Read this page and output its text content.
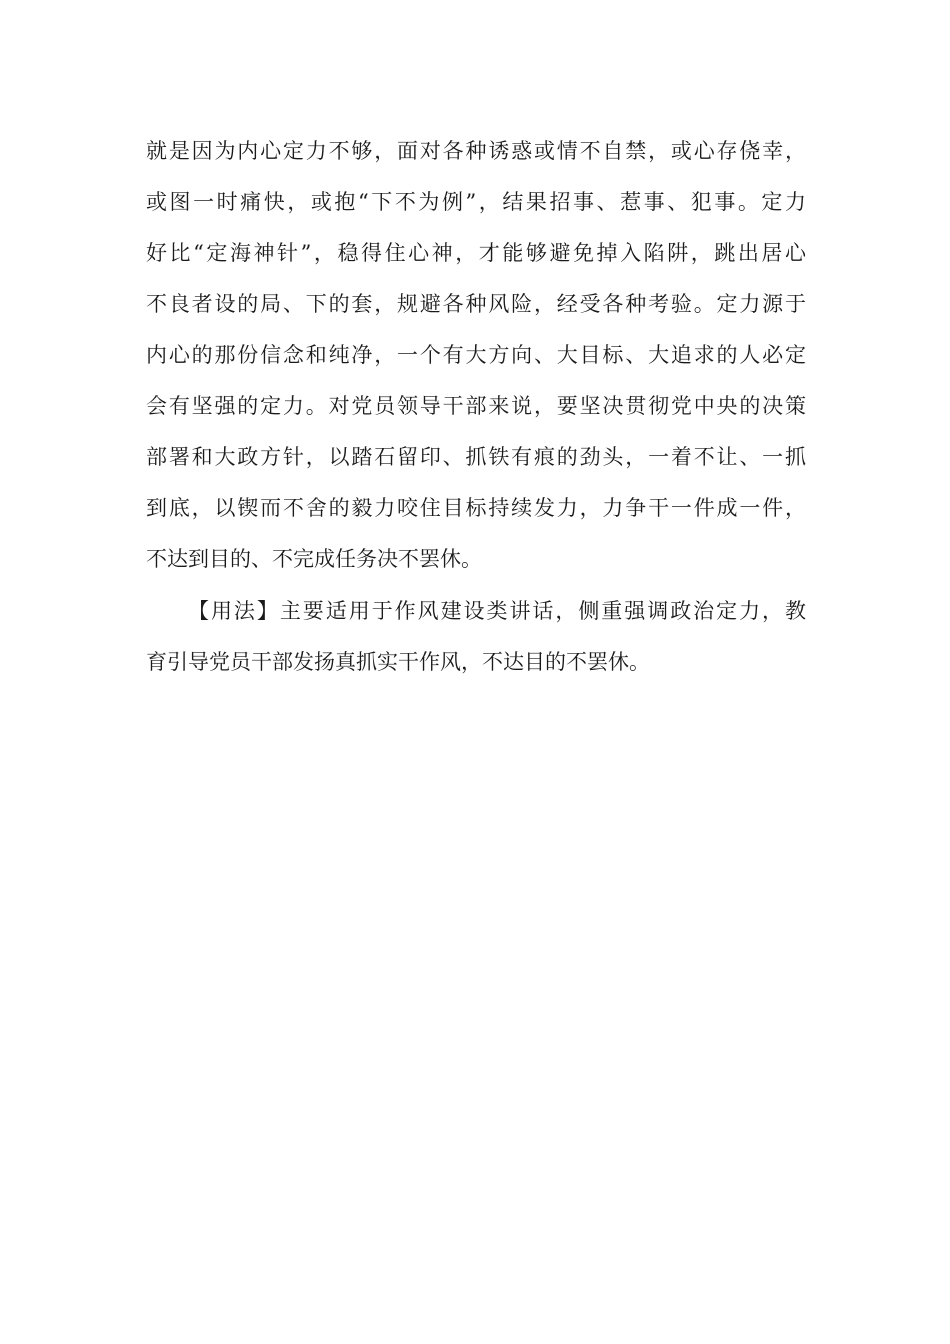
就是因为内心定力不够，面对各种诱惑或情不自禁，或心存侥幸，
或图一时痛快，或抱“下不为例”，结果招事、惹事、犯事。定力
好比“定海神针”，稳得住心神，才能够避免掉入陷阱，跳出居心
不良者设的局、下的套，规避各种风险，经受各种考验。定力源于
内心的那份信念和纯净，一个有大方向、大目标、大追求的人必定
会有坚强的定力。对党员领导干部来说，要坚决贯彻党中央的决策
部署和大政方针，以踏石留印、抓铁有痕的劲头，一着不让、一抓
到底，以锲而不舍的毅力咬住目标持续发力，力争干一件成一件，
不达到目的、不完成任务决不罢休。

【用法】主要适用于作风建设类讲话，侧重强调政治定力，教
育引导党员干部发扬真抓实干作风，不达目的不罢休。
